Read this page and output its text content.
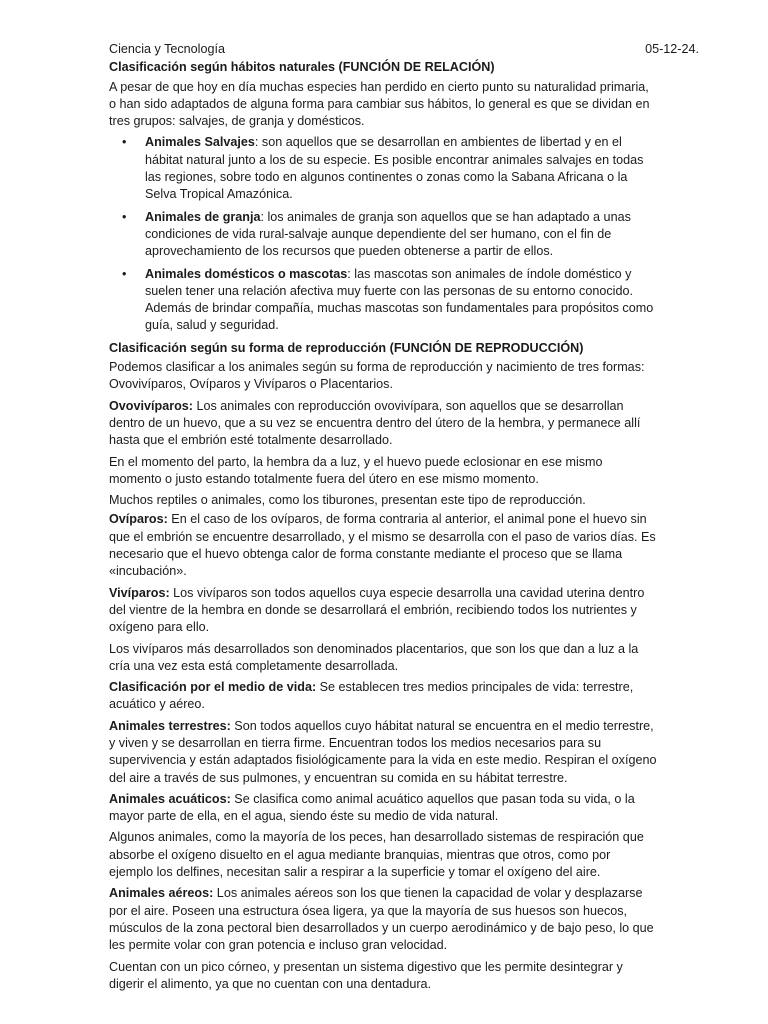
Ciencia y Tecnología	05-12-24.

Clasificación según hábitos naturales (FUNCIÓN DE RELACIÓN)

A pesar de que hoy en día muchas especies han perdido en cierto punto su naturalidad primaria, o han sido adaptados de alguna forma para cambiar sus hábitos, lo general es que se dividan en tres grupos: salvajes, de granja y domésticos.

• Animales Salvajes: son aquellos que se desarrollan en ambientes de libertad y en el hábitat natural junto a los de su especie. Es posible encontrar animales salvajes en todas las regiones, sobre todo en algunos continentes o zonas como la Sabana Africana o la Selva Tropical Amazónica.
• Animales de granja: los animales de granja son aquellos que se han adaptado a unas condiciones de vida rural-salvaje aunque dependiente del ser humano, con el fin de aprovechamiento de los recursos que pueden obtenerse a partir de ellos.
• Animales domésticos o mascotas: las mascotas son animales de índole doméstico y suelen tener una relación afectiva muy fuerte con las personas de su entorno conocido. Además de brindar compañía, muchas mascotas son fundamentales para propósitos como guía, salud y seguridad.

Clasificación según su forma de reproducción (FUNCIÓN DE REPRODUCCIÓN)

Podemos clasificar a los animales según su forma de reproducción y nacimiento de tres formas: Ovovivíparos, Ovíparos y Vivíparos o Placentarios.

Ovovivíparos: Los animales con reproducción ovovivípara, son aquellos que se desarrollan dentro de un huevo, que a su vez se encuentra dentro del útero de la hembra, y permanece allí hasta que el embrión esté totalmente desarrollado.

En el momento del parto, la hembra da a luz, y el huevo puede eclosionar en ese mismo momento o justo estando totalmente fuera del útero en ese mismo momento.

Muchos reptiles o animales, como los tiburones, presentan este tipo de reproducción.

Ovíparos: En el caso de los ovíparos, de forma contraria al anterior, el animal pone el huevo sin que el embrión se encuentre desarrollado, y el mismo se desarrolla con el paso de varios días. Es necesario que el huevo obtenga calor de forma constante mediante el proceso que se llama «incubación».

Vivíparos: Los vivíparos son todos aquellos cuya especie desarrolla una cavidad uterina dentro del vientre de la hembra en donde se desarrollará el embrión, recibiendo todos los nutrientes y oxígeno para ello.

Los vivíparos más desarrollados son denominados placentarios, que son los que dan a luz a la cría una vez esta está completamente desarrollada.

Clasificación por el medio de vida: Se establecen tres medios principales de vida: terrestre, acuático y aéreo.

Animales terrestres: Son todos aquellos cuyo hábitat natural se encuentra en el medio terrestre, y viven y se desarrollan en tierra firme. Encuentran todos los medios necesarios para su supervivencia y están adaptados fisiológicamente para la vida en este medio. Respiran el oxígeno del aire a través de sus pulmones, y encuentran su comida en su hábitat terrestre.

Animales acuáticos: Se clasifica como animal acuático aquellos que pasan toda su vida, o la mayor parte de ella, en el agua, siendo éste su medio de vida natural.

Algunos animales, como la mayoría de los peces, han desarrollado sistemas de respiración que absorbe el oxígeno disuelto en el agua mediante branquias, mientras que otros, como por ejemplo los delfines, necesitan salir a respirar a la superficie y tomar el oxígeno del aire.

Animales aéreos: Los animales aéreos son los que tienen la capacidad de volar y desplazarse por el aire. Poseen una estructura ósea ligera, ya que la mayoría de sus huesos son huecos, músculos de la zona pectoral bien desarrollados y un cuerpo aerodinámico y de bajo peso, lo que les permite volar con gran potencia e incluso gran velocidad.

Cuentan con un pico córneo, y presentan un sistema digestivo que les permite desintegrar y digerir el alimento, ya que no cuentan con una dentadura.
